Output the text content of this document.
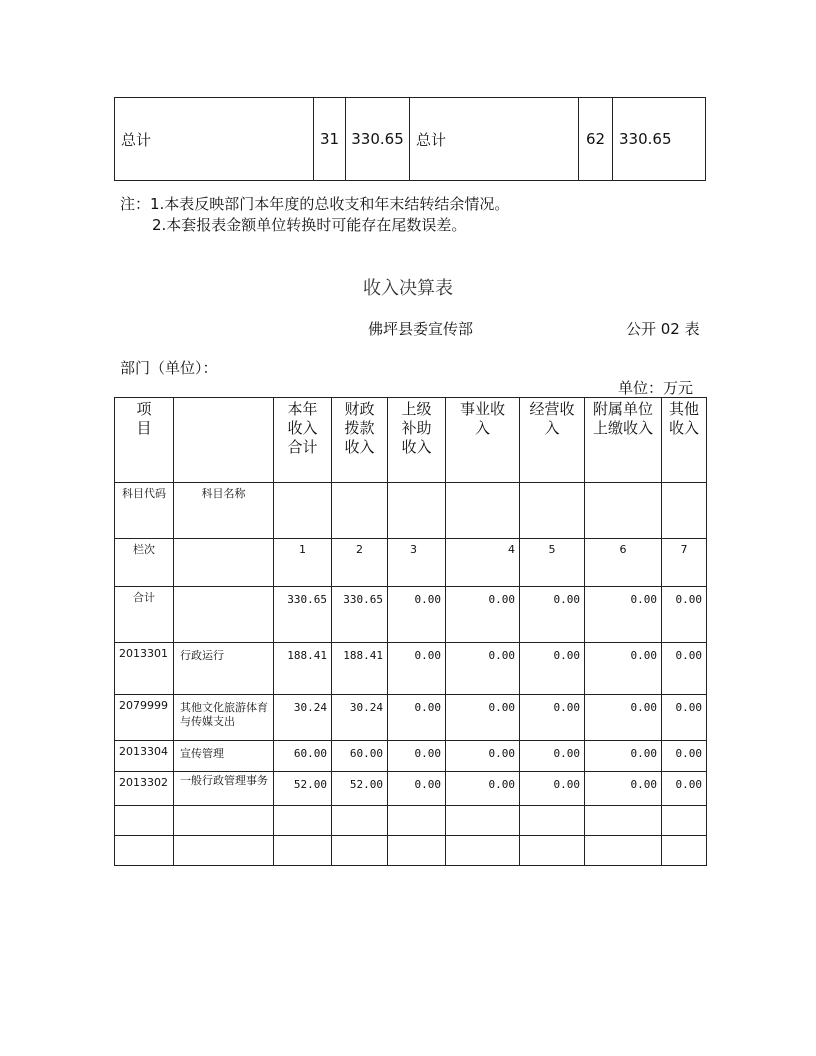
总计	31	330.65	总计	62	330.65
注：1.本表反映部门本年度的总收支和年末结转结余情况。
2.本套报表金额单位转换时可能存在尾数误差。
收入决算表
佛坪县委宣传部	公开 02 表
部门（单位）：
单位：万元
项目		本年收入合计	财政拨款收入	上级补助收入	事业收入	经营收入	附属单位上缴收入	其他收入
科目代码	科目名称							
栏次		1	2	3	4	5	6	7
合计		330.65	330.65	0.00	0.00	0.00	0.00	0.00
2013301	行政运行	188.41	188.41	0.00	0.00	0.00	0.00	0.00
2079999	其他文化旅游体育与传媒支出	30.24	30.24	0.00	0.00	0.00	0.00	0.00
2013304	宣传管理	60.00	60.00	0.00	0.00	0.00	0.00	0.00
2013302	一般行政管理事务	52.00	52.00	0.00	0.00	0.00	0.00	0.00
